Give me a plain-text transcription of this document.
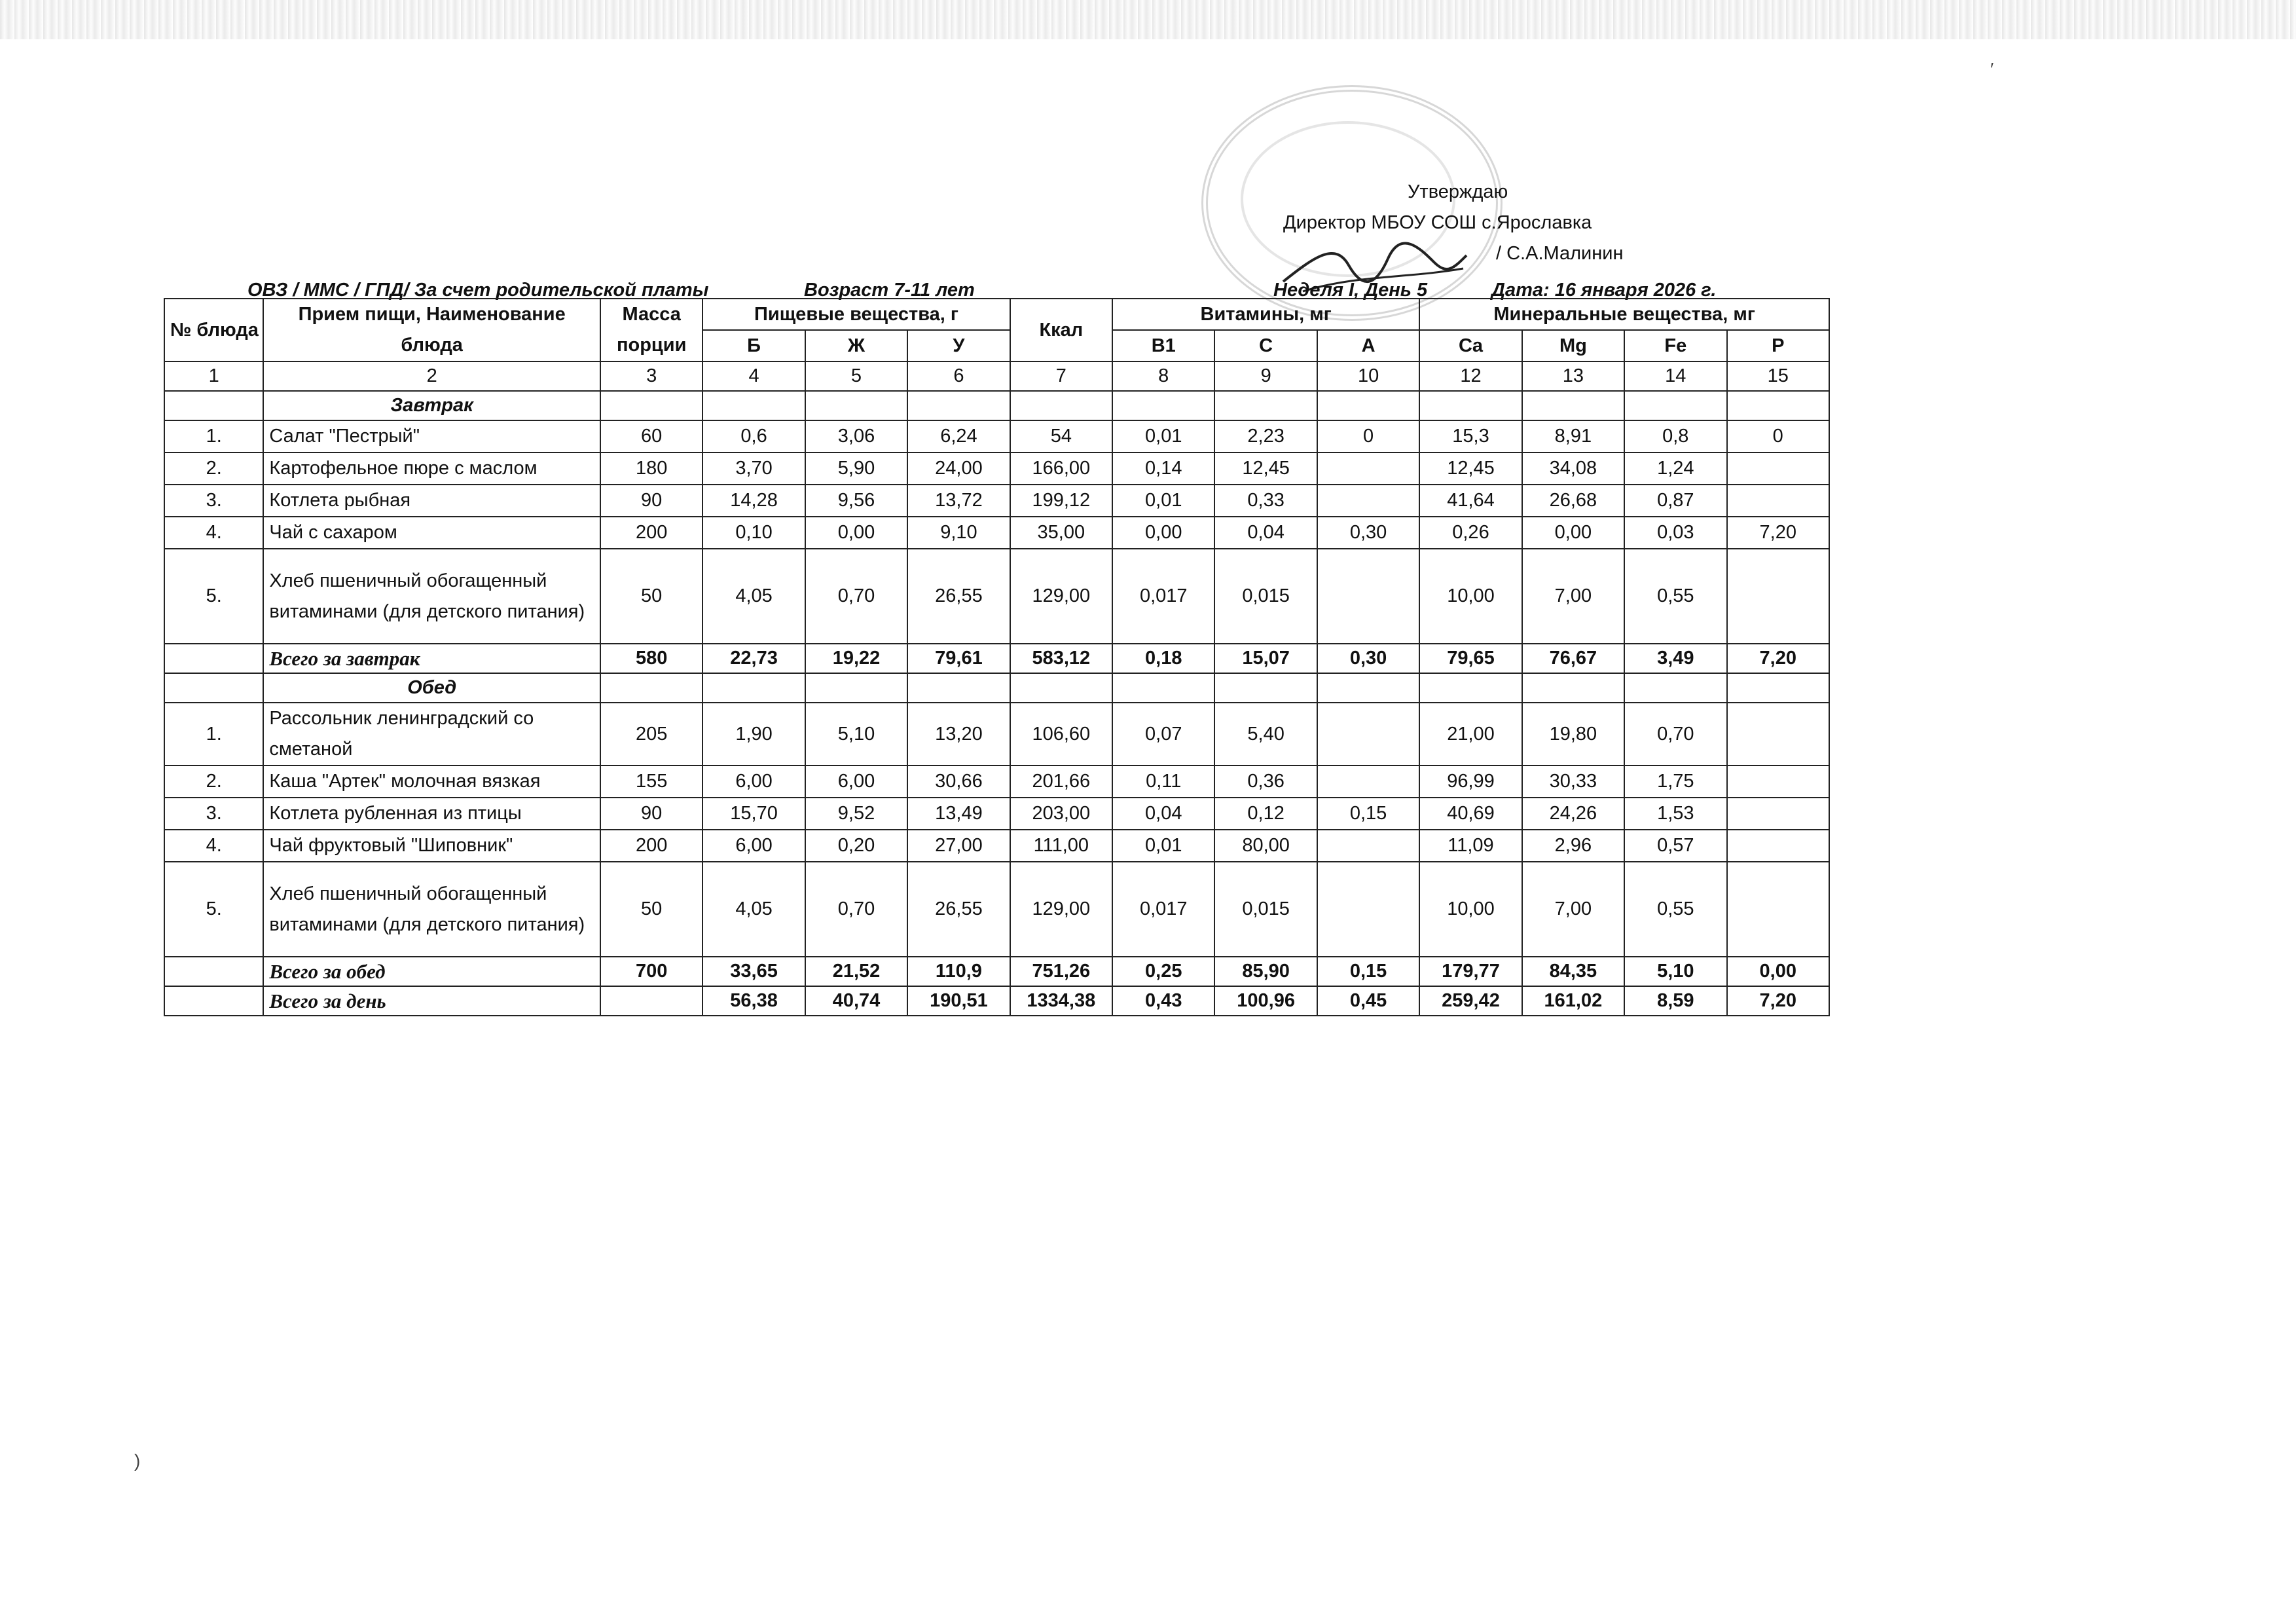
Утверждаю
Директор МБОУ СОШ с.Ярославка
/ С.А.Малинин
ОВЗ / ММС / ГПД/ За счет родительской платы	Возраст 7-11 лет	Неделя I, День 5	Дата: 16 января 2026 г.
№ блюда	Прием пищи, Наименование блюда	Масса порции	Пищевые вещества, г			Ккал	Витамины, мг			Минеральные вещества, мг			
			Б	Ж	У		В1	С	А	Ca	Mg	Fe	P
1	2	3	4	5	6	7	8	9	10	12	13	14	15
	Завтрак												
1.	Салат "Пестрый"	60	0,6	3,06	6,24	54	0,01	2,23	0	15,3	8,91	0,8	0
2.	Картофельное пюре с маслом	180	3,70	5,90	24,00	166,00	0,14	12,45		12,45	34,08	1,24	
3.	Котлета рыбная	90	14,28	9,56	13,72	199,12	0,01	0,33		41,64	26,68	0,87	
4.	Чай с сахаром	200	0,10	0,00	9,10	35,00	0,00	0,04	0,30	0,26	0,00	0,03	7,20
5.	Хлеб пшеничный обогащенный витаминами (для детского питания)	50	4,05	0,70	26,55	129,00	0,017	0,015		10,00	7,00	0,55	
	Всего за завтрак	580	22,73	19,22	79,61	583,12	0,18	15,07	0,30	79,65	76,67	3,49	7,20
	Обед												
1.	Рассольник ленинградский со сметаной	205	1,90	5,10	13,20	106,60	0,07	5,40		21,00	19,80	0,70	
2.	Каша "Артек" молочная вязкая	155	6,00	6,00	30,66	201,66	0,11	0,36		96,99	30,33	1,75	
3.	Котлета рубленная из птицы	90	15,70	9,52	13,49	203,00	0,04	0,12	0,15	40,69	24,26	1,53	
4.	Чай фруктовый "Шиповник"	200	6,00	0,20	27,00	111,00	0,01	80,00		11,09	2,96	0,57	
5.	Хлеб пшеничный обогащенный витаминами (для детского питания)	50	4,05	0,70	26,55	129,00	0,017	0,015		10,00	7,00	0,55	
	Всего за обед	700	33,65	21,52	110,9	751,26	0,25	85,90	0,15	179,77	84,35	5,10	0,00
	Всего за день		56,38	40,74	190,51	1334,38	0,43	100,96	0,45	259,42	161,02	8,59	7,20
′
)
